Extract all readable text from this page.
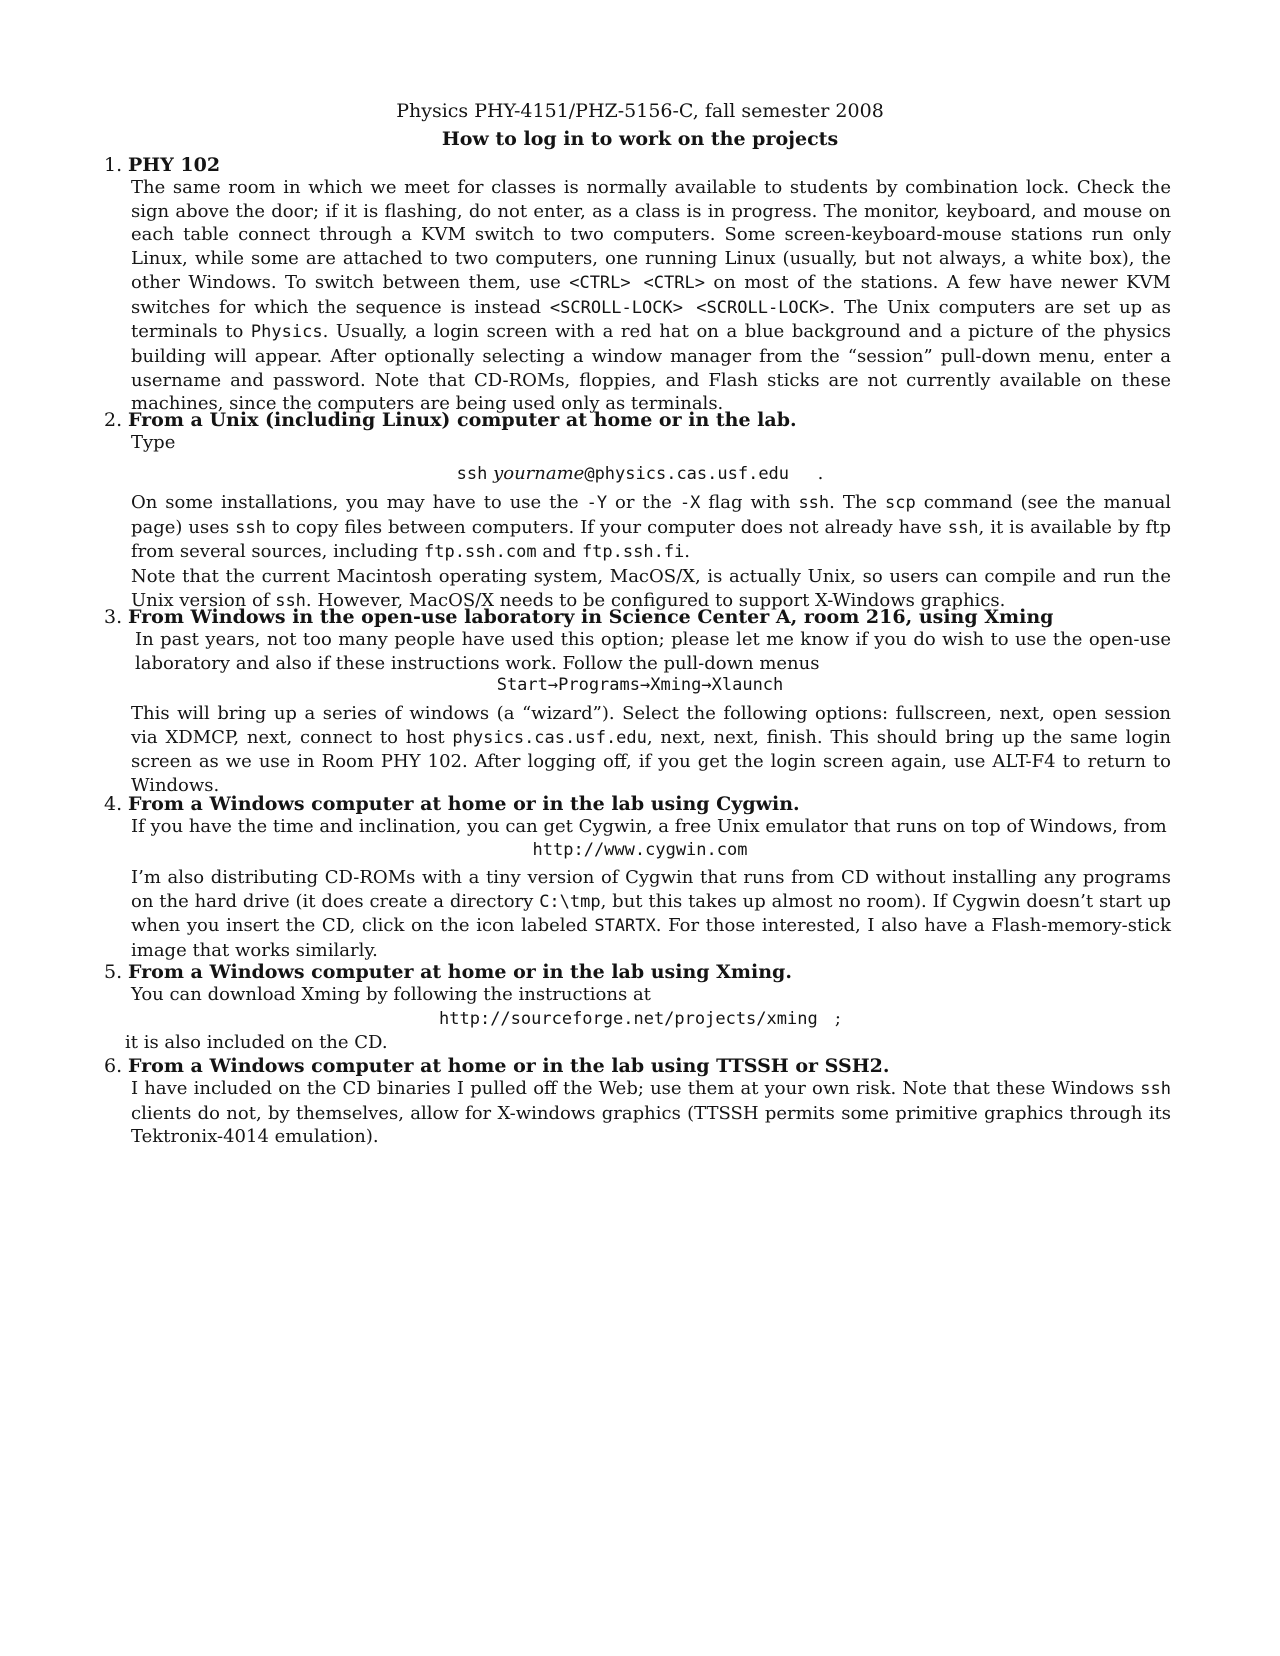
Physics PHY-4151/PHZ-5156-C, fall semester 2008
How to log in to work on the projects
1. PHY 102

The same room in which we meet for classes is normally available to students by combination lock. Check the sign above the door; if it is flashing, do not enter, as a class is in progress. The monitor, keyboard, and mouse on each table connect through a KVM switch to two computers. Some screen-keyboard-mouse stations run only Linux, while some are attached to two computers, one running Linux (usually, but not always, a white box), the other Windows. To switch between them, use <CTRL> <CTRL> on most of the stations. A few have newer KVM switches for which the sequence is instead <SCROLL-LOCK> <SCROLL-LOCK>. The Unix computers are set up as terminals to Physics. Usually, a login screen with a red hat on a blue background and a picture of the physics building will appear. After optionally selecting a window manager from the “session” pull-down menu, enter a username and password. Note that CD-ROMs, floppies, and Flash sticks are not currently available on these machines, since the computers are being used only as terminals.

2. From a Unix (including Linux) computer at home or in the lab.

Type

ssh yourname@physics.cas.usf.edu .

On some installations, you may have to use the -Y or the -X flag with ssh. The scp command (see the manual page) uses ssh to copy files between computers. If your computer does not already have ssh, it is available by ftp from several sources, including ftp.ssh.com and ftp.ssh.fi.

Note that the current Macintosh operating system, MacOS/X, is actually Unix, so users can compile and run the Unix version of ssh. However, MacOS/X needs to be configured to support X-Windows graphics.

3. From Windows in the open-use laboratory in Science Center A, room 216, using Xming

In past years, not too many people have used this option; please let me know if you do wish to use the open-use laboratory and also if these instructions work. Follow the pull-down menus

Start→Programs→Xming→Xlaunch

This will bring up a series of windows (a “wizard”). Select the following options: fullscreen, next, open session via XDMCP, next, connect to host physics.cas.usf.edu, next, next, finish. This should bring up the same login screen as we use in Room PHY 102. After logging off, if you get the login screen again, use ALT-F4 to return to Windows.

4. From a Windows computer at home or in the lab using Cygwin.

If you have the time and inclination, you can get Cygwin, a free Unix emulator that runs on top of Windows, from

http://www.cygwin.com

I’m also distributing CD-ROMs with a tiny version of Cygwin that runs from CD without installing any programs on the hard drive (it does create a directory C:\tmp, but this takes up almost no room). If Cygwin doesn’t start up when you insert the CD, click on the icon labeled STARTX. For those interested, I also have a Flash-memory-stick image that works similarly.

5. From a Windows computer at home or in the lab using Xming.

You can download Xming by following the instructions at

http://sourceforge.net/projects/xming ;

it is also included on the CD.

6. From a Windows computer at home or in the lab using TTSSH or SSH2.

I have included on the CD binaries I pulled off the Web; use them at your own risk. Note that these Windows ssh clients do not, by themselves, allow for X-windows graphics (TTSSH permits some primitive graphics through its Tektronix-4014 emulation).
